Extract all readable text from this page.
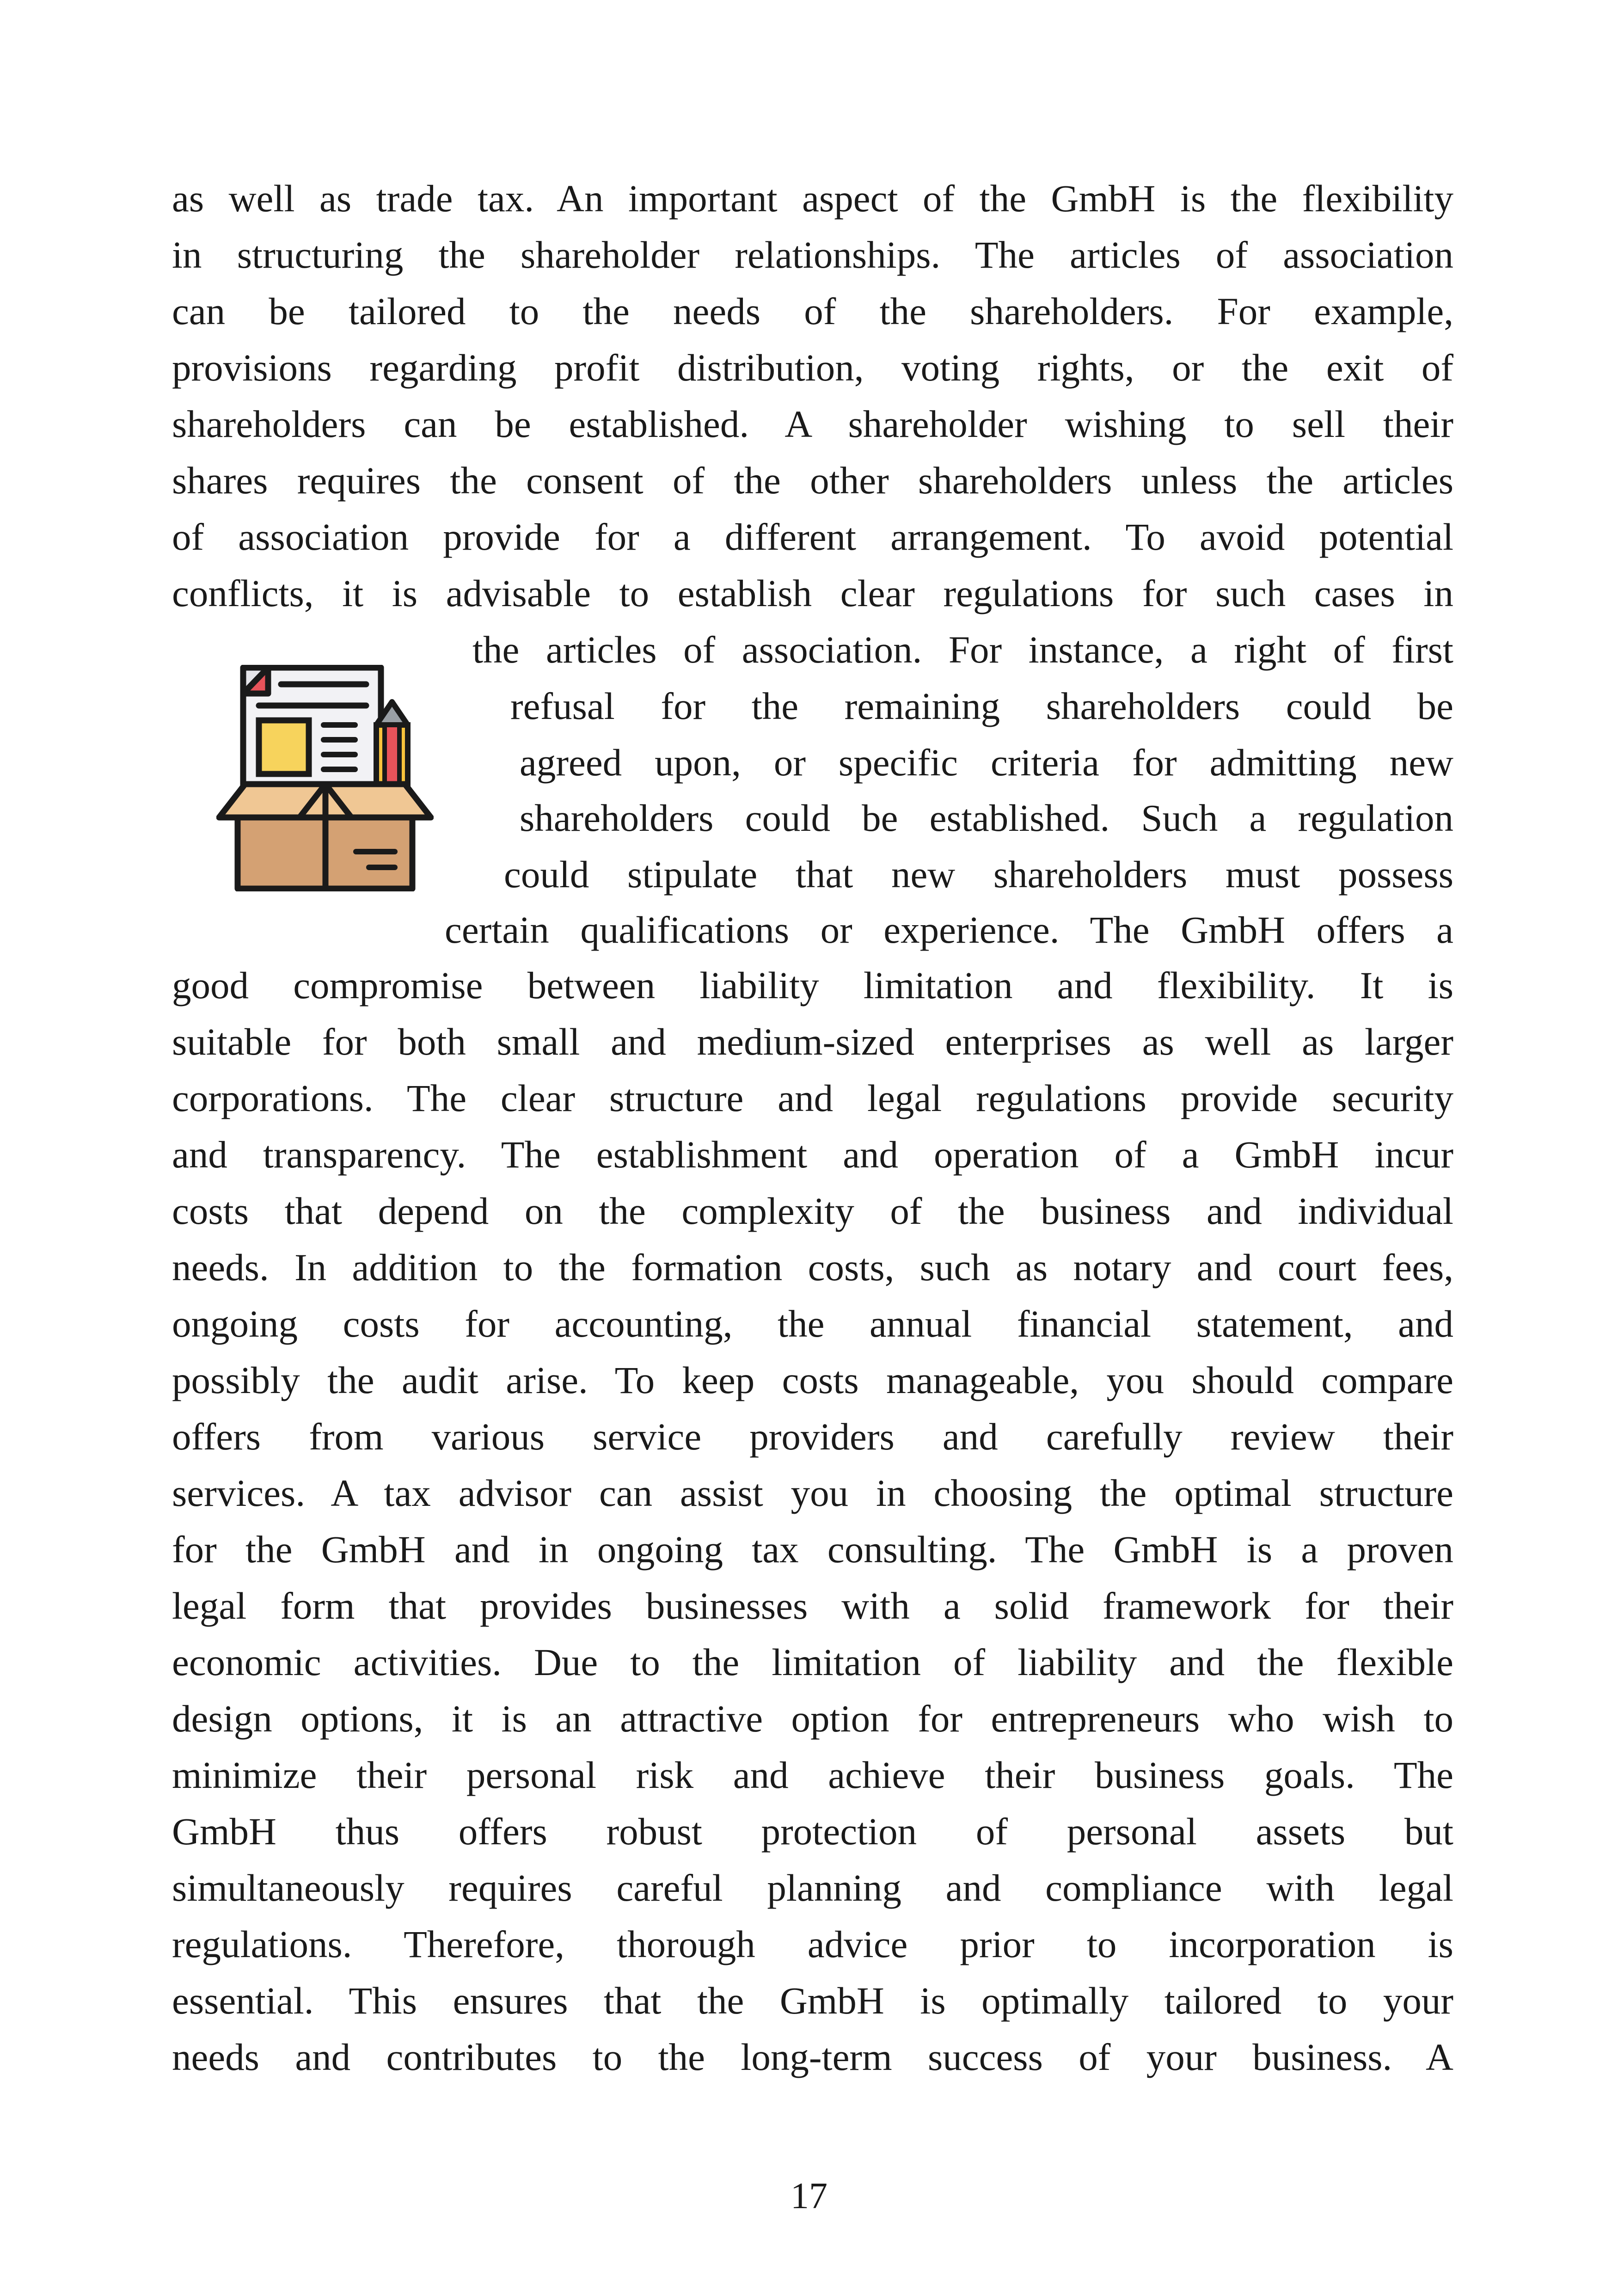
as well as trade tax. An important aspect of the GmbH is the flexibility
in structuring the shareholder relationships. The articles of association
can be tailored to the needs of the shareholders. For example,
provisions regarding profit distribution, voting rights, or the exit of
shareholders can be established. A shareholder wishing to sell their
shares requires the consent of the other shareholders unless the articles
of association provide for a different arrangement. To avoid potential
conflicts, it is advisable to establish clear regulations for such cases in
the articles of association. For instance, a right of first
refusal for the remaining shareholders could be
agreed upon, or specific criteria for admitting new
shareholders could be established. Such a regulation
could stipulate that new shareholders must possess
certain qualifications or experience. The GmbH offers a
good compromise between liability limitation and flexibility. It is
suitable for both small and medium-sized enterprises as well as larger
corporations. The clear structure and legal regulations provide security
and transparency. The establishment and operation of a GmbH incur
costs that depend on the complexity of the business and individual
needs. In addition to the formation costs, such as notary and court fees,
ongoing costs for accounting, the annual financial statement, and
possibly the audit arise. To keep costs manageable, you should compare
offers from various service providers and carefully review their
services. A tax advisor can assist you in choosing the optimal structure
for the GmbH and in ongoing tax consulting. The GmbH is a proven
legal form that provides businesses with a solid framework for their
economic activities. Due to the limitation of liability and the flexible
design options, it is an attractive option for entrepreneurs who wish to
minimize their personal risk and achieve their business goals. The
GmbH thus offers robust protection of personal assets but
simultaneously requires careful planning and compliance with legal
regulations. Therefore, thorough advice prior to incorporation is
essential. This ensures that the GmbH is optimally tailored to your
needs and contributes to the long-term success of your business. A
17
